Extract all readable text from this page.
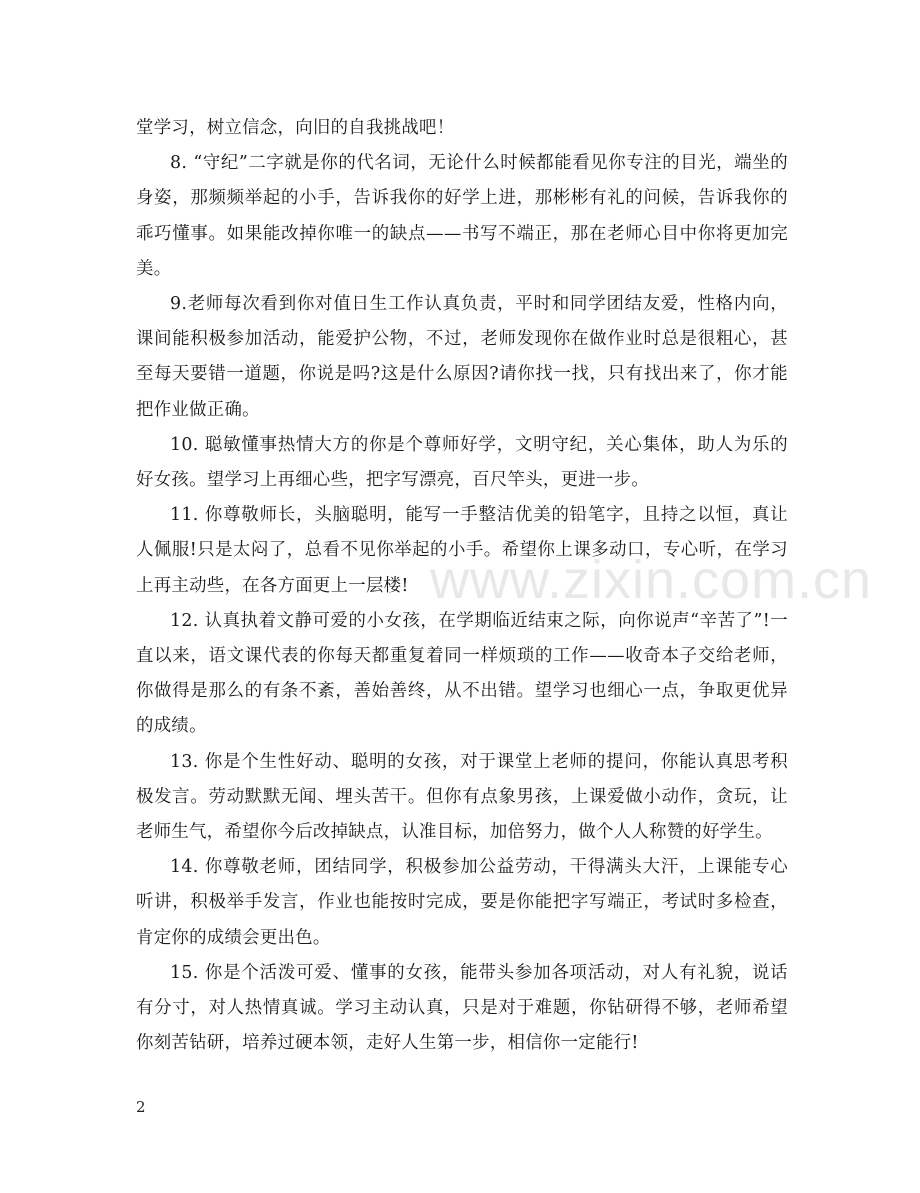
www.zixin.com.cn

堂学习，树立信念，向旧的自我挑战吧！

8. “守纪”二字就是你的代名词，无论什么时候都能看见你专注的目光，端坐的身姿，那频频举起的小手，告诉我你的好学上进，那彬彬有礼的问候，告诉我你的乖巧懂事。如果能改掉你唯一的缺点——书写不端正，那在老师心目中你将更加完美。

9.老师每次看到你对值日生工作认真负责，平时和同学团结友爱，性格内向，课间能积极参加活动，能爱护公物，不过，老师发现你在做作业时总是很粗心，甚至每天要错一道题，你说是吗?这是什么原因?请你找一找，只有找出来了，你才能把作业做正确。

10. 聪敏懂事热情大方的你是个尊师好学，文明守纪，关心集体，助人为乐的好女孩。望学习上再细心些，把字写漂亮，百尺竿头，更进一步。

11. 你尊敬师长，头脑聪明，能写一手整洁优美的铅笔字，且持之以恒，真让人佩服!只是太闷了，总看不见你举起的小手。希望你上课多动口，专心听，在学习上再主动些，在各方面更上一层楼!

12. 认真执着文静可爱的小女孩，在学期临近结束之际，向你说声“辛苦了”!一直以来，语文课代表的你每天都重复着同一样烦琐的工作——收奇本子交给老师，你做得是那么的有条不紊，善始善终，从不出错。望学习也细心一点，争取更优异的成绩。

13. 你是个生性好动、聪明的女孩，对于课堂上老师的提问，你能认真思考积极发言。劳动默默无闻、埋头苦干。但你有点象男孩，上课爱做小动作，贪玩，让老师生气，希望你今后改掉缺点，认准目标，加倍努力，做个人人称赞的好学生。

14. 你尊敬老师，团结同学，积极参加公益劳动，干得满头大汗，上课能专心听讲，积极举手发言，作业也能按时完成，要是你能把字写端正，考试时多检查，肯定你的成绩会更出色。

15. 你是个活泼可爱、懂事的女孩，能带头参加各项活动，对人有礼貌，说话有分寸，对人热情真诚。学习主动认真，只是对于难题，你钻研得不够，老师希望你刻苦钻研，培养过硬本领，走好人生第一步，相信你一定能行!

2
